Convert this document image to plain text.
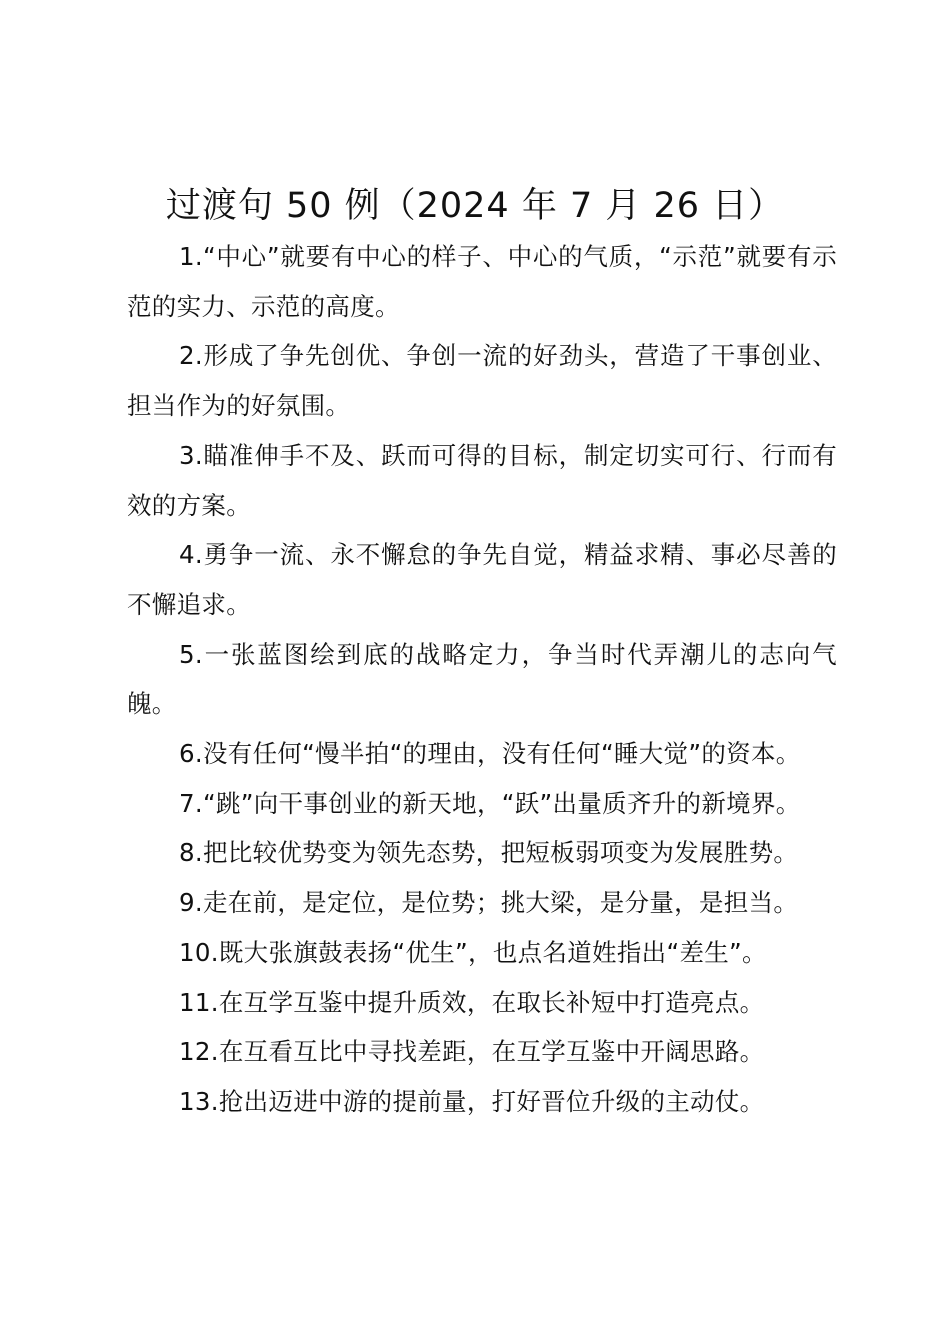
过渡句 50 例（2024 年 7 月 26 日）

1.“中心”就要有中心的样子、中心的气质，“示范”就要有示范的实力、示范的高度。

2.形成了争先创优、争创一流的好劲头，营造了干事创业、担当作为的好氛围。

3.瞄准伸手不及、跃而可得的目标，制定切实可行、行而有效的方案。

4.勇争一流、永不懈怠的争先自觉，精益求精、事必尽善的不懈追求。

5.一张蓝图绘到底的战略定力，争当时代弄潮儿的志向气魄。

6.没有任何“慢半拍“的理由，没有任何“睡大觉”的资本。

7.“跳”向干事创业的新天地，“跃”出量质齐升的新境界。

8.把比较优势变为领先态势，把短板弱项变为发展胜势。

9.走在前，是定位，是位势；挑大梁，是分量，是担当。

10.既大张旗鼓表扬“优生”，也点名道姓指出“差生”。

11.在互学互鉴中提升质效，在取长补短中打造亮点。

12.在互看互比中寻找差距，在互学互鉴中开阔思路。

13.抢出迈进中游的提前量，打好晋位升级的主动仗。
